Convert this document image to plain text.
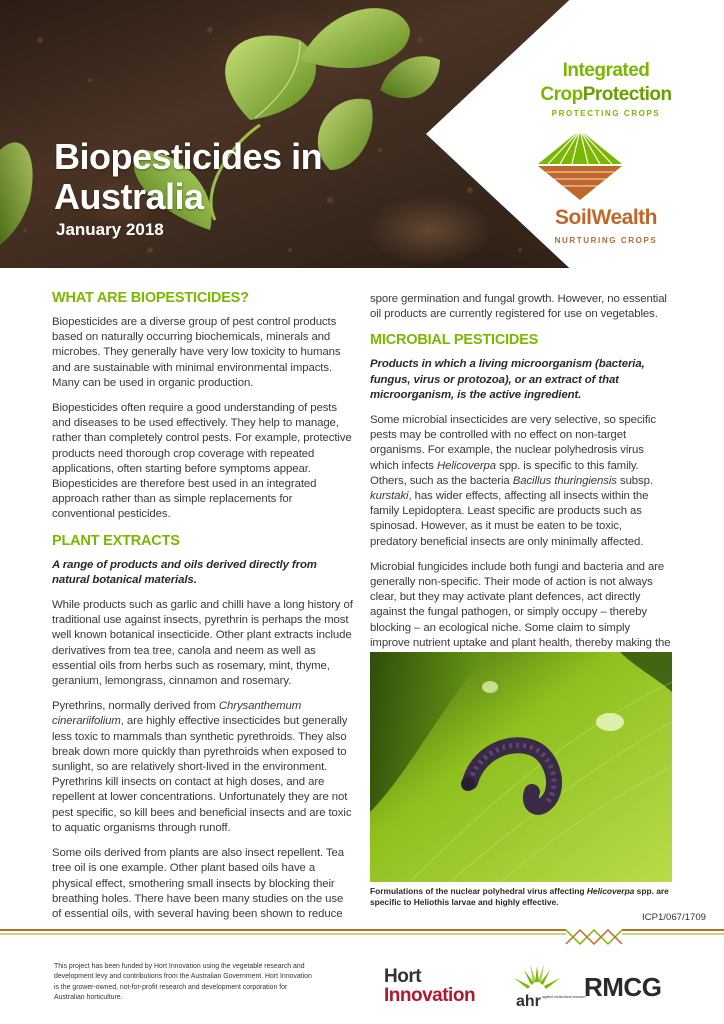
Biopesticides in
Australia
January 2018
Integrated
CropProtection
PROTECTING CROPS
SoilWealth
NURTURING CROPS
WHAT ARE BIOPESTICIDES?

Biopesticides are a diverse group of pest control products based on naturally occurring biochemicals, minerals and microbes. They generally have very low toxicity to humans and are sustainable with minimal environmental impacts. Many can be used in organic production.

Biopesticides often require a good understanding of pests and diseases to be used effectively. They help to manage, rather than completely control pests. For example, protective products need thorough crop coverage with repeated applications, often starting before symptoms appear. Biopesticides are therefore best used in an integrated approach rather than as simple replacements for conventional pesticides.

PLANT EXTRACTS

A range of products and oils derived directly from natural botanical materials.

While products such as garlic and chilli have a long history of traditional use against insects, pyrethrin is perhaps the most well known botanical insecticide. Other plant extracts include derivatives from tea tree, canola and neem as well as essential oils from herbs such as rosemary, mint, thyme, geranium, lemongrass, cinnamon and rosemary.

Pyrethrins, normally derived from Chrysanthemum cinerariifolium, are highly effective insecticides but generally less toxic to mammals than synthetic pyrethroids. They also break down more quickly than pyrethroids when exposed to sunlight, so are relatively short-lived in the environment. Pyrethrins kill insects on contact at high doses, and are repellent at lower concentrations. Unfortunately they are not pest specific, so kill bees and beneficial insects and are toxic to aquatic organisms through runoff.

Some oils derived from plants are also insect repellent. Tea tree oil is one example. Other plant based oils have a physical effect, smothering small insects by blocking their breathing holes. There have been many studies on the use of essential oils, with several having been shown to reduce

spore germination and fungal growth. However, no essential oil products are currently registered for use on vegetables.

MICROBIAL PESTICIDES

Products in which a living microorganism (bacteria, fungus, virus or protozoa), or an extract of that microorganism, is the active ingredient.

Some microbial insecticides are very selective, so specific pests may be controlled with no effect on non-target organisms. For example, the nuclear polyhedrosis virus which infects Helicoverpa spp. is specific to this family. Others, such as the bacteria Bacillus thuringiensis subsp. kurstaki, has wider effects, affecting all insects within the family Lepidoptera. Least specific are products such as spinosad. However, as it must be eaten to be toxic, predatory beneficial insects are only minimally affected.

Microbial fungicides include both fungi and bacteria and are generally non-specific. Their mode of action is not always clear, but they may activate plant defences, act directly against the fungal pathogen, or simply occupy – thereby blocking – an ecological niche. Some claim to simply improve nutrient uptake and plant health, thereby making the

Formulations of the nuclear polyhedral virus affecting Helicoverpa spp. are specific to Heliothis larvae and highly effective.
ICP1/067/1709
This project has been funded by Hort Innovation using the vegetable research and development levy and contributions from the Australian Government. Hort Innovation is the grower-owned, not-for-profit research and development corporation for Australian horticulture.
Hort
Innovation	ahr applied horticultural research
RMCG
